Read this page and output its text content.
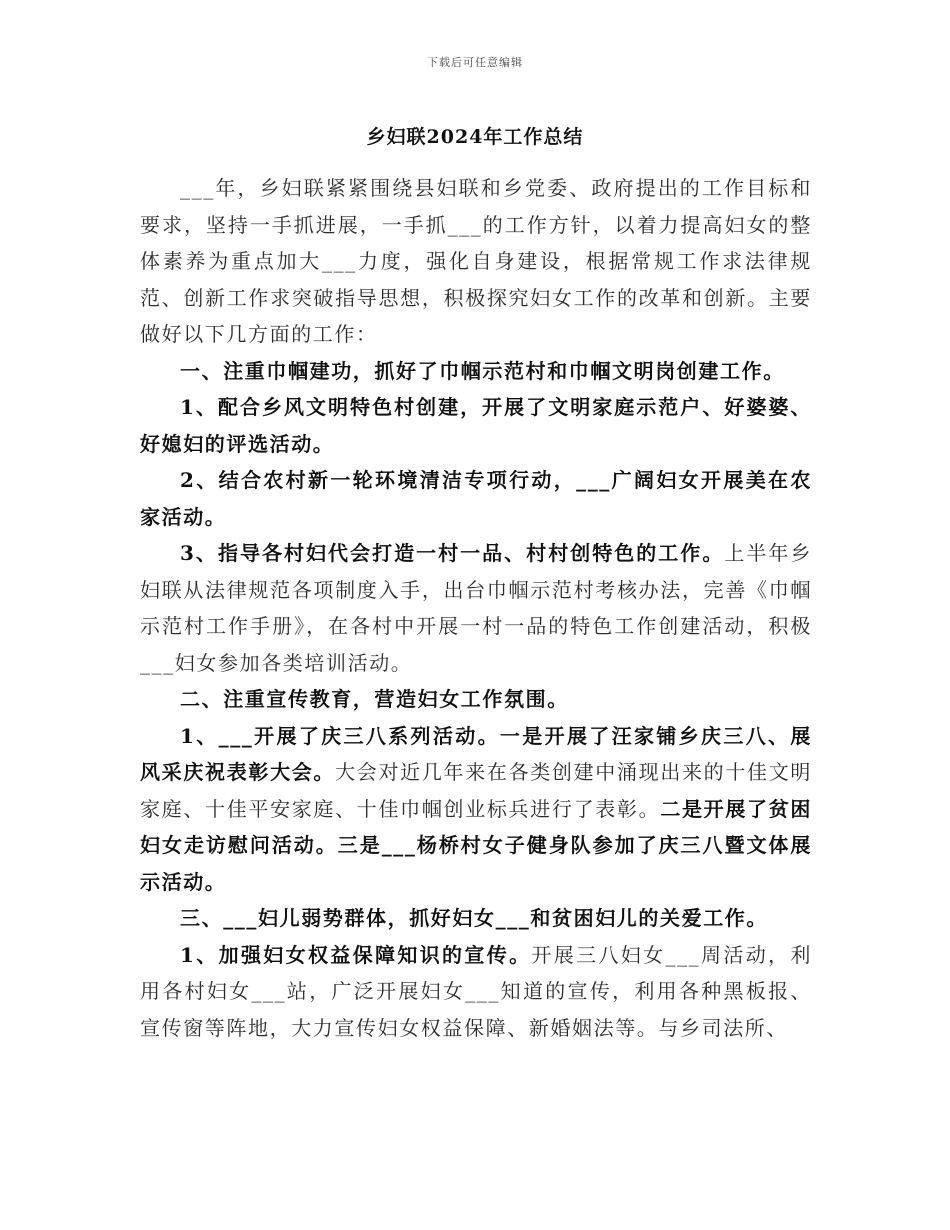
下载后可任意编辑
乡妇联2024年工作总结

___年，乡妇联紧紧围绕县妇联和乡党委、政府提出的工作目标和要求，坚持一手抓进展，一手抓___的工作方针，以着力提高妇女的整体素养为重点加大___力度，强化自身建设，根据常规工作求法律规范、创新工作求突破指导思想，积极探究妇女工作的改革和创新。主要做好以下几方面的工作：

一、注重巾帼建功，抓好了巾帼示范村和巾帼文明岗创建工作。

1、配合乡风文明特色村创建，开展了文明家庭示范户、好婆婆、好媳妇的评选活动。

2、结合农村新一轮环境清洁专项行动，___广阔妇女开展美在农家活动。

3、指导各村妇代会打造一村一品、村村创特色的工作。上半年乡妇联从法律规范各项制度入手，出台巾帼示范村考核办法，完善《巾帼示范村工作手册》，在各村中开展一村一品的特色工作创建活动，积极___妇女参加各类培训活动。

二、注重宣传教育，营造妇女工作氛围。

1、___开展了庆三八系列活动。一是开展了汪家铺乡庆三八、展风采庆祝表彰大会。大会对近几年来在各类创建中涌现出来的十佳文明家庭、十佳平安家庭、十佳巾帼创业标兵进行了表彰。二是开展了贫困妇女走访慰问活动。三是___杨桥村女子健身队参加了庆三八暨文体展示活动。

三、___妇儿弱势群体，抓好妇女___和贫困妇儿的关爱工作。

1、加强妇女权益保障知识的宣传。开展三八妇女___周活动，利用各村妇女___站，广泛开展妇女___知道的宣传，利用各种黑板报、宣传窗等阵地，大力宣传妇女权益保障、新婚姻法等。与乡司法所、
